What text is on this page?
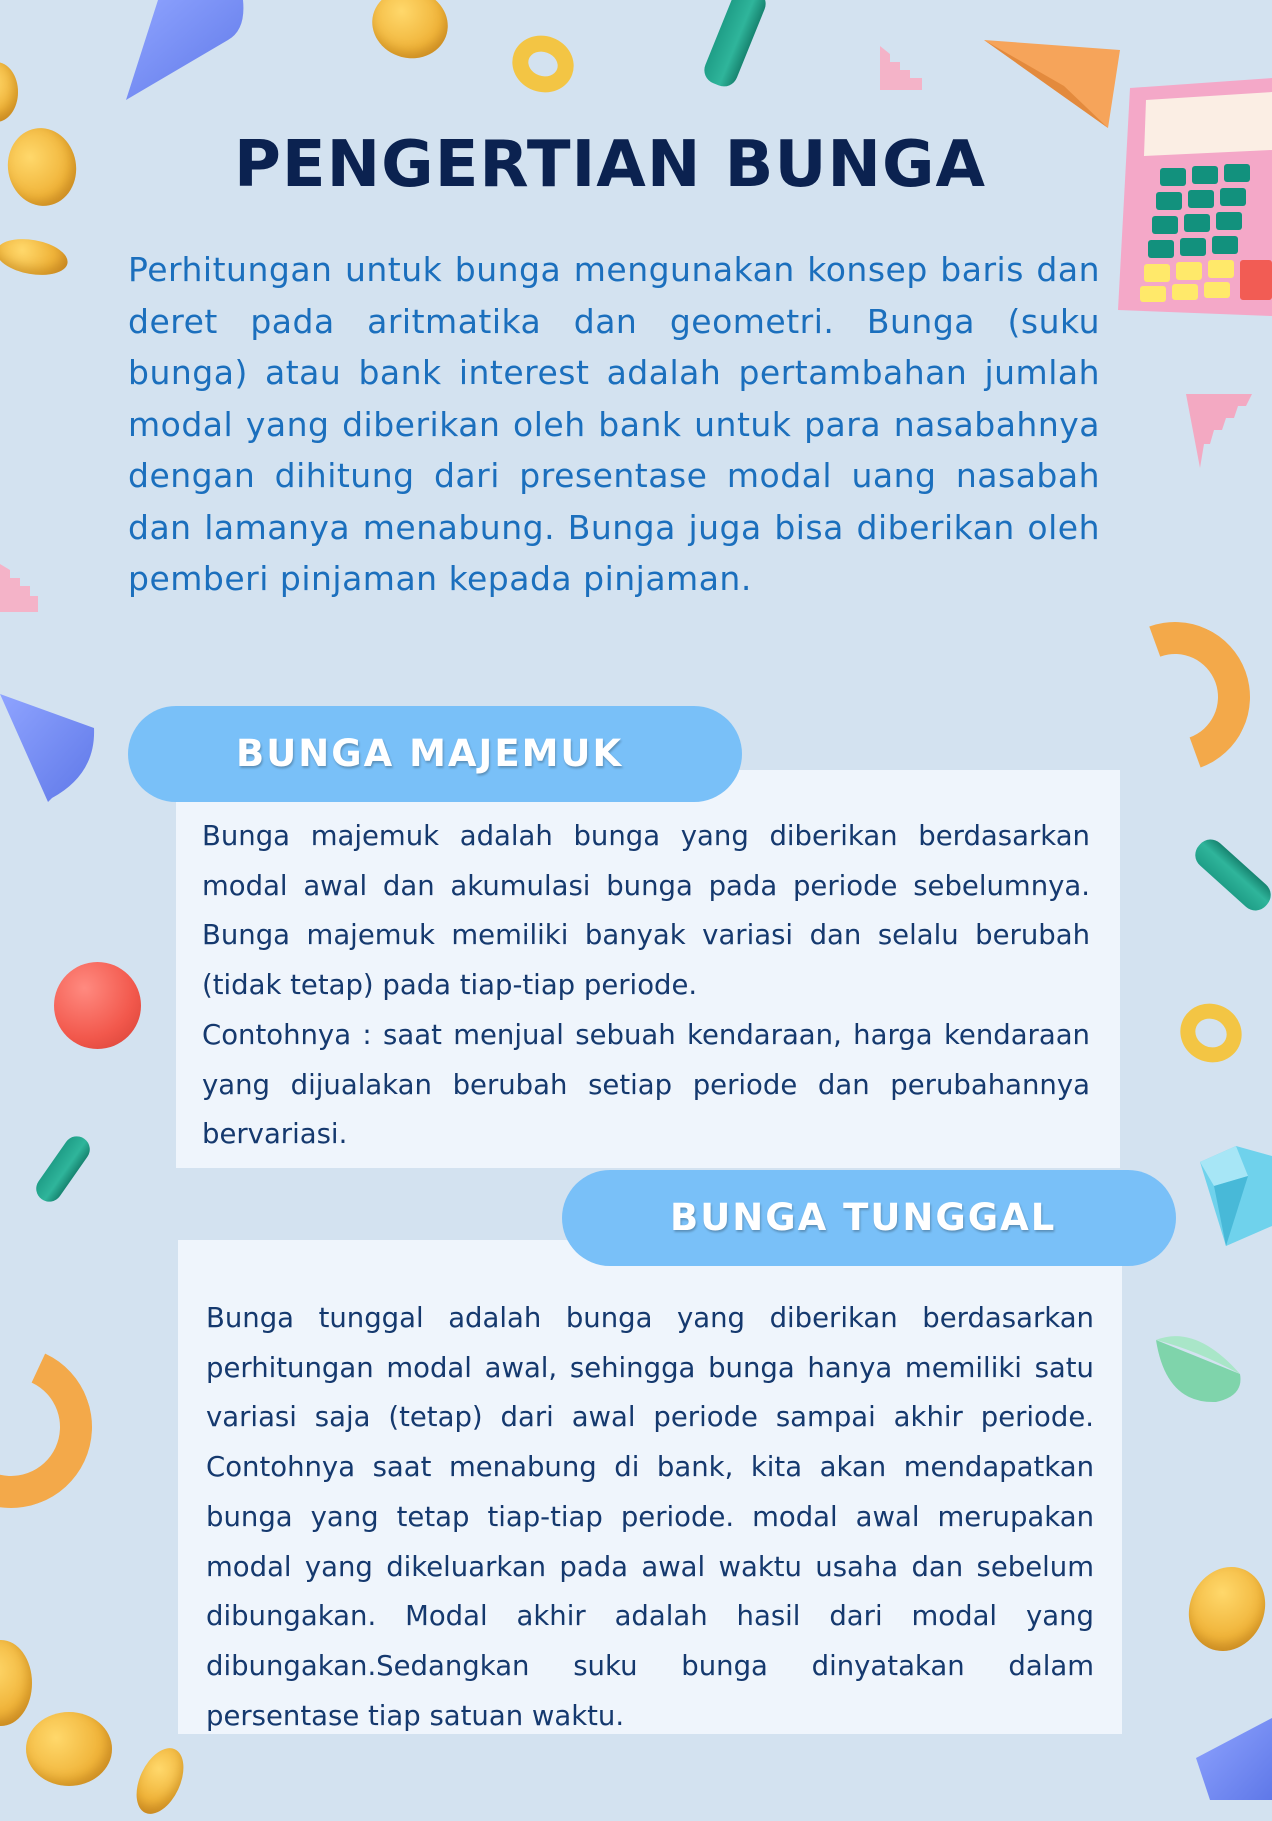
PENGERTIAN BUNGA

Perhitungan untuk bunga mengunakan konsep baris dan deret pada aritmatika dan geometri. Bunga (suku bunga) atau bank interest adalah pertambahan jumlah modal yang diberikan oleh bank untuk para nasabahnya dengan dihitung dari presentase modal uang nasabah dan lamanya menabung. Bunga juga bisa diberikan oleh pemberi pinjaman kepada pinjaman.

Bunga majemuk adalah bunga yang diberikan berdasarkan modal awal dan akumulasi bunga pada periode sebelumnya. Bunga majemuk memiliki banyak variasi dan selalu berubah (tidak tetap) pada tiap-tiap periode.

Contohnya : saat menjual sebuah kendaraan, harga kendaraan yang dijualakan berubah setiap periode dan perubahannya bervariasi.

BUNGA MAJEMUK

Bunga tunggal adalah bunga yang diberikan berdasarkan perhitungan modal awal, sehingga bunga hanya memiliki satu variasi saja (tetap) dari awal periode sampai akhir periode. Contohnya saat menabung di bank, kita akan mendapatkan bunga yang tetap tiap-tiap periode. modal awal merupakan modal yang dikeluarkan pada awal waktu usaha dan sebelum dibungakan. Modal akhir adalah hasil dari modal yang dibungakan.Sedangkan suku bunga dinyatakan dalam persentase tiap satuan waktu.

BUNGA TUNGGAL
